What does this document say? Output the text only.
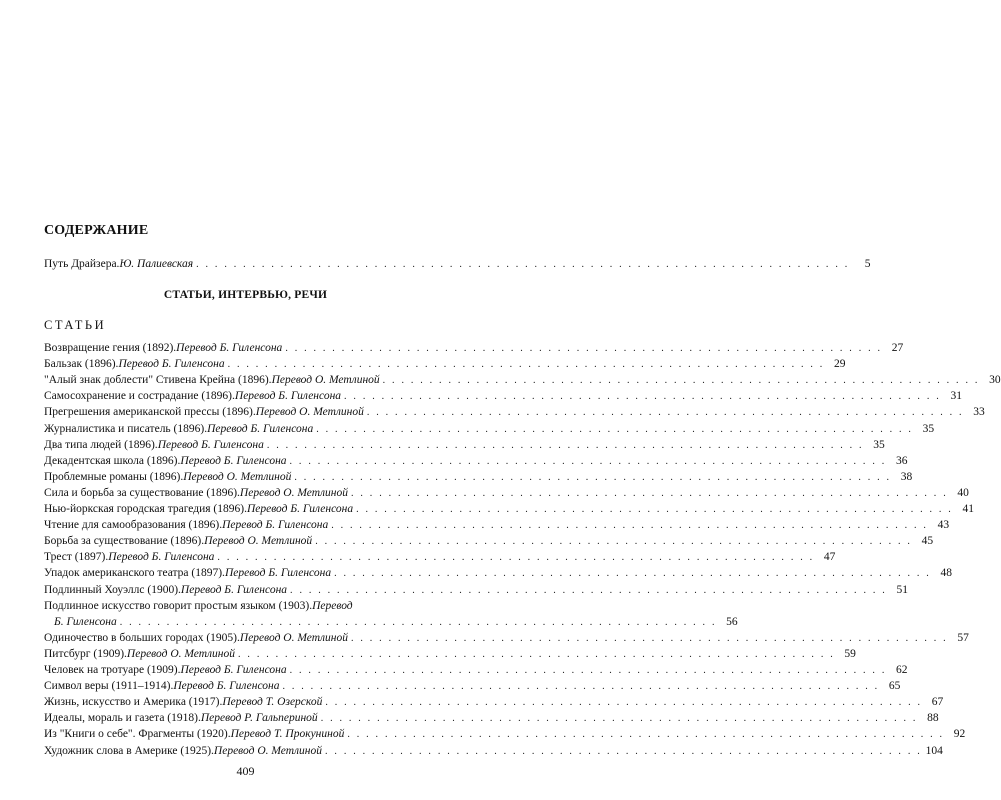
СОДЕРЖАНИЕ
Путь Драйзера. Ю. Палиевская . . . . . . . . . . . . . . . . . . . . . . . . . . . . . . . . . . . . . . . . . . . . . . . . . . . . . . . . . . . . . . . . . . . . . .	5
СТАТЬИ, ИНТЕРВЬЮ, РЕЧИ
СТАТЬИ
Возвращение гения (1892). Перевод Б. Гиленсона . . . . . . . . . . . . . . . . . . . . . . . . . . . . . . . . . . . . . . . . . . . . . . . . . . . . . . . . . . . . . . . . 27
Бальзак (1896). Перевод Б. Гиленсона . . . . . . . . . . . . . . . . . . . . . . . . . . . . . . . . . . . . . . . . . . . . . . . . . . . . . . . . . . . . . . . . 29
"Алый знак доблести" Стивена Крейна (1896). Перевод О. Метлиной . . . . . . . . . . . . . . . . . . . . . . . . . . . . . . . . . . . . . . . . . . . . . . . . . . . . . . . . . . . . . . . . 30
Самосохранение и сострадание (1896). Перевод Б. Гиленсона . . . . . . . . . . . . . . . . . . . . . . . . . . . . . . . . . . . . . . . . . . . . . . . . . . . . . . . . . . . . . . . . 31
Прегрешения американской прессы (1896). Перевод О. Метлиной . . . . . . . . . . . . . . . . . . . . . . . . . . . . . . . . . . . . . . . . . . . . . . . . . . . . . . . . . . . . . . . . 33
Журналистика и писатель (1896). Перевод Б. Гиленсона . . . . . . . . . . . . . . . . . . . . . . . . . . . . . . . . . . . . . . . . . . . . . . . . . . . . . . . . . . . . . . . . 35
Два типа людей (1896). Перевод Б. Гиленсона . . . . . . . . . . . . . . . . . . . . . . . . . . . . . . . . . . . . . . . . . . . . . . . . . . . . . . . . . . . . . . . . 35
Декадентская школа (1896). Перевод Б. Гиленсона . . . . . . . . . . . . . . . . . . . . . . . . . . . . . . . . . . . . . . . . . . . . . . . . . . . . . . . . . . . . . . . . 36
Проблемные романы (1896). Перевод О. Метлиной . . . . . . . . . . . . . . . . . . . . . . . . . . . . . . . . . . . . . . . . . . . . . . . . . . . . . . . . . . . . . . . . 38
Сила и борьба за существование (1896). Перевод О. Метлиной . . . . . . . . . . . . . . . . . . . . . . . . . . . . . . . . . . . . . . . . . . . . . . . . . . . . . . . . . . . . . . . . 40
Нью-йоркская городская трагедия (1896). Перевод Б. Гиленсона . . . . . . . . . . . . . . . . . . . . . . . . . . . . . . . . . . . . . . . . . . . . . . . . . . . . . . . . . . . . . . . . 41
Чтение для самообразования (1896). Перевод Б. Гиленсона . . . . . . . . . . . . . . . . . . . . . . . . . . . . . . . . . . . . . . . . . . . . . . . . . . . . . . . . . . . . . . . . 43
Борьба за существование (1896). Перевод О. Метлиной . . . . . . . . . . . . . . . . . . . . . . . . . . . . . . . . . . . . . . . . . . . . . . . . . . . . . . . . . . . . . . . . 45
Трест (1897). Перевод Б. Гиленсона . . . . . . . . . . . . . . . . . . . . . . . . . . . . . . . . . . . . . . . . . . . . . . . . . . . . . . . . . . . . . . . . 47
Упадок американского театра (1897). Перевод Б. Гиленсона . . . . . . . . . . . . . . . . . . . . . . . . . . . . . . . . . . . . . . . . . . . . . . . . . . . . . . . . . . . . . . . . 48
Подлинный Хоуэллс (1900). Перевод Б. Гиленсона . . . . . . . . . . . . . . . . . . . . . . . . . . . . . . . . . . . . . . . . . . . . . . . . . . . . . . . . . . . . . . . . 51
Подлинное искусство говорит простым языком (1903). Перевод
Б. Гиленсона . . . . . . . . . . . . . . . . . . . . . . . . . . . . . . . . . . . . . . . . . . . . . . . . . . . . . . . . . . . . . . . . 56
Одиночество в больших городах (1905). Перевод О. Метлиной . . . . . . . . . . . . . . . . . . . . . . . . . . . . . . . . . . . . . . . . . . . . . . . . . . . . . . . . . . . . . . . . 57
Питсбург (1909). Перевод О. Метлиной . . . . . . . . . . . . . . . . . . . . . . . . . . . . . . . . . . . . . . . . . . . . . . . . . . . . . . . . . . . . . . . . 59
Человек на тротуаре (1909). Перевод Б. Гиленсона . . . . . . . . . . . . . . . . . . . . . . . . . . . . . . . . . . . . . . . . . . . . . . . . . . . . . . . . . . . . . . . . 62
Символ веры (1911–1914). Перевод Б. Гиленсона . . . . . . . . . . . . . . . . . . . . . . . . . . . . . . . . . . . . . . . . . . . . . . . . . . . . . . . . . . . . . . . . 65
Жизнь, искусство и Америка (1917). Перевод Т. Озерской . . . . . . . . . . . . . . . . . . . . . . . . . . . . . . . . . . . . . . . . . . . . . . . . . . . . . . . . . . . . . . . . 67
Идеалы, мораль и газета (1918). Перевод Р. Гальпериной . . . . . . . . . . . . . . . . . . . . . . . . . . . . . . . . . . . . . . . . . . . . . . . . . . . . . . . . . . . . . . . . 88
Из "Книги о себе". Фрагменты (1920). Перевод Т. Прокуниной . . . . . . . . . . . . . . . . . . . . . . . . . . . . . . . . . . . . . . . . . . . . . . . . . . . . . . . . . . . . . . . . 92
Художник слова в Америке (1925). Перевод О. Метлиной . . . . . . . . . . . . . . . . . . . . . . . . . . . . . . . . . . . . . . . . . . . . . . . . . . . . . . . . . . . . . . . . 104
409
